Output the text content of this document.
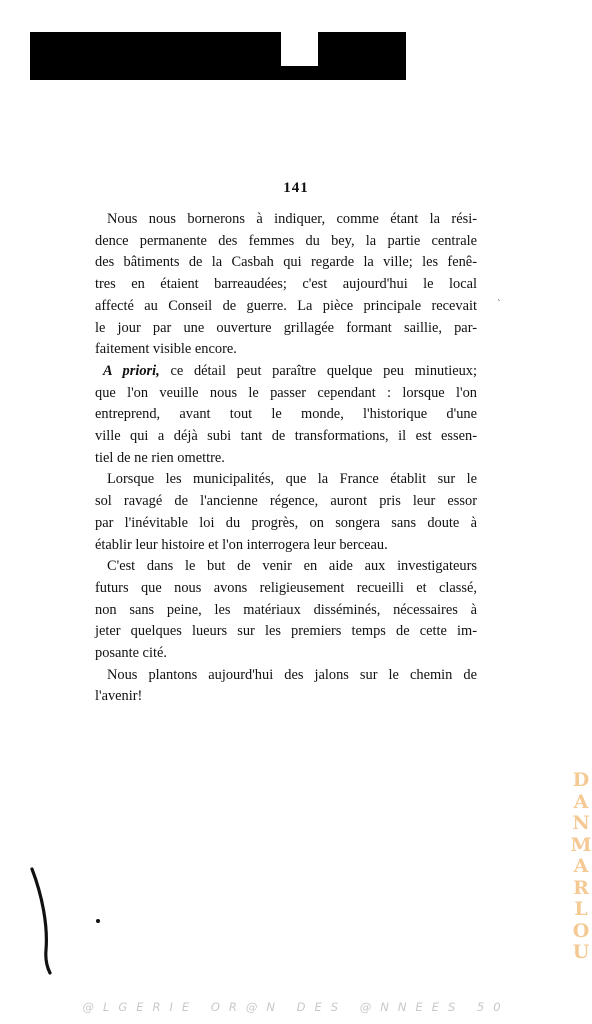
ˋ
141
Nous nous bornerons à indiquer, comme étant la rési-
dence permanente des femmes du bey, la partie centrale
des bâtiments de la Casbah qui regarde la ville; les fenê-
tres en étaient barreaudées; c'est aujourd'hui le local
affecté au Conseil de guerre. La pièce principale recevait
le jour par une ouverture grillagée formant saillie, par-
faitement visible encore.
A priori, ce détail peut paraître quelque peu minutieux;
que l'on veuille nous le passer cependant : lorsque l'on
entreprend, avant tout le monde, l'historique d'une
ville qui a déjà subi tant de transformations, il est essen-
tiel de ne rien omettre.
Lorsque les municipalités, que la France établit sur le
sol ravagé de l'ancienne régence, auront pris leur essor
par l'inévitable loi du progrès, on songera sans doute à
établir leur histoire et l'on interrogera leur berceau.
C'est dans le but de venir en aide aux investigateurs
futurs que nous avons religieusement recueilli et classé,
non sans peine, les matériaux disséminés, nécessaires à
jeter quelques lueurs sur les premiers temps de cette im-
posante cité.
Nous plantons aujourd'hui des jalons sur le chemin de
l'avenir!
D
A
N
M
A
R
L
O
U
@LGERIE OR@N DES @NNEES 50
